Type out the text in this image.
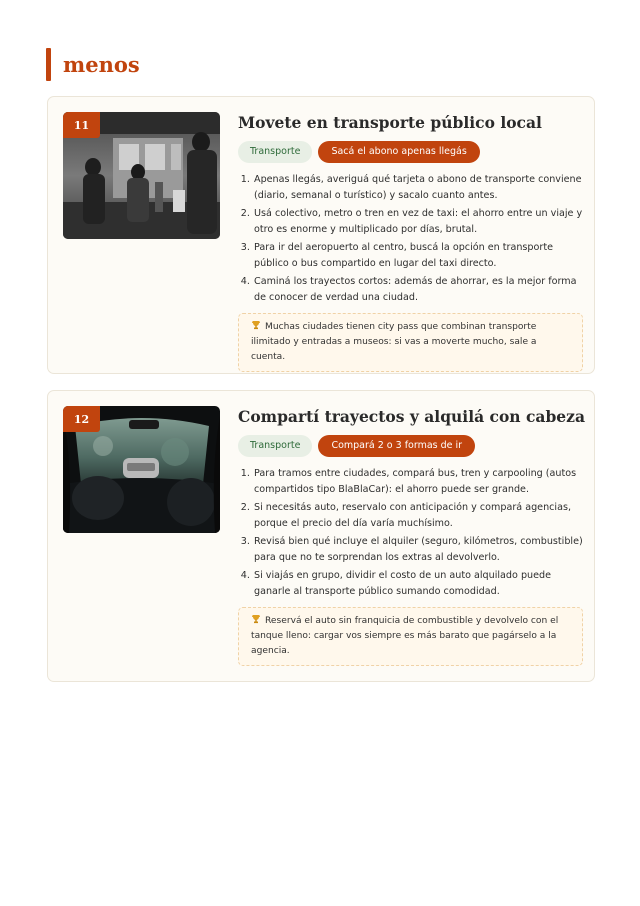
menos
11	Movete en transporte público local
Transporte	Sacá el abono apenas llegás
1. Apenas llegás, averiguá qué tarjeta o abono de transporte conviene (diario, semanal o turístico) y sacalo cuanto antes.
2. Usá colectivo, metro o tren en vez de taxi: el ahorro entre un viaje y otro es enorme y multiplicado por días, brutal.
3. Para ir del aeropuerto al centro, buscá la opción en transporte público o bus compartido en lugar del taxi directo.
4. Caminá los trayectos cortos: además de ahorrar, es la mejor forma de conocer de verdad una ciudad.
Muchas ciudades tienen city pass que combinan transporte ilimitado y entradas a museos: si vas a moverte mucho, sale a cuenta.
12	Compartí trayectos y alquilá con cabeza
Transporte	Compará 2 o 3 formas de ir
1. Para tramos entre ciudades, compará bus, tren y carpooling (autos compartidos tipo BlaBlaCar): el ahorro puede ser grande.
2. Si necesitás auto, reservalo con anticipación y compará agencias, porque el precio del día varía muchísimo.
3. Revisá bien qué incluye el alquiler (seguro, kilómetros, combustible) para que no te sorprendan los extras al devolverlo.
4. Si viajás en grupo, dividir el costo de un auto alquilado puede ganarle al transporte público sumando comodidad.
Reservá el auto sin franquicia de combustible y devolvelo con el tanque lleno: cargar vos siempre es más barato que pagárselo a la agencia.
